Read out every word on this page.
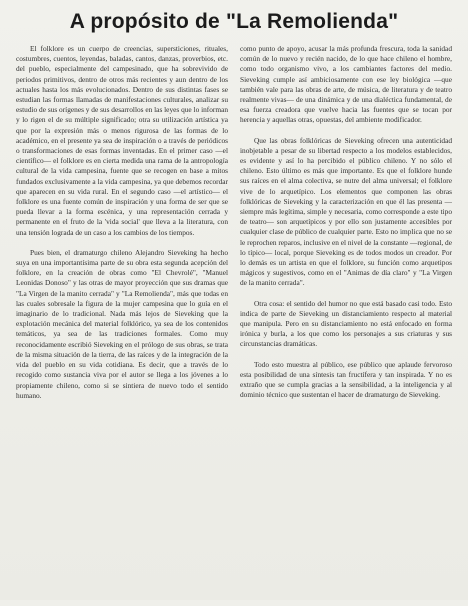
A propósito de "La Remolienda"

El folklore es un cuerpo de creencias, supersticiones, rituales, costumbres, cuentos, leyendas, baladas, cantos, danzas, proverbios, etc. del pueblo, especialmente del campesinado, que ha sobrevivido de periodos primitivos, dentro de otros más recientes y aun dentro de los actuales hasta los más evolucionados. Dentro de sus distintas fases se estudian las formas llamadas de manifestaciones culturales, analizar su estudio de sus orígenes y de sus desarrollos en las leyes que lo informan y lo rigen el de su múltiple significado; otra su utilización artística ya que por la expresión más o menos rigurosa de las formas de lo académico, en el presente ya sea de inspiración o a través de periódicos o transformaciones de esas formas inventadas. En el primer caso —el científico— el folklore es en cierta medida una rama de la antropología cultural de la vida campesina, fuente que se recogen en base a mitos fundados exclusivamente a la vida campesina, ya que debemos recordar que aparecen en su vida rural. En el segundo caso —el artístico— el folklore es una fuente común de inspiración y una forma de ser que se pueda llevar a la forma escénica, y una representación cerrada y permanente en el fruto de la 'vida social' que lleva a la literatura, con una tensión lograda de un caso a los cambios de los tiempos.

Pues bien, el dramaturgo chileno Alejandro Sieveking ha hecho suya en una importantísima parte de su obra esta segunda acepción del folklore, en la creación de obras como "El Chevrolé", "Manuel Leonidas Donoso" y las otras de mayor proyección que sus dramas que "La Virgen de la manito cerrada" y "La Remolienda", más que todas en las cuales sobresale la figura de la mujer campesina que lo guía en el imaginario de lo tradicional. Nada más lejos de Sieveking que la explotación mecánica del material folklórico, ya sea de los contenidos temáticos, ya sea de las tradiciones formales. Como muy reconocidamente escribió Sieveking en el prólogo de sus obras, se trata de la misma situación de la tierra, de las raíces y de la integración de la vida del pueblo en su vida cotidiana. Es decir, que a través de lo recogido como sustancia viva por el autor se llega a los jóvenes a lo propiamente chileno, como si se sintiera de nuevo todo el sentido humano.

como punto de apoyo, acusar la más profunda frescura, toda la sanidad común de lo nuevo y recién nacido, de lo que hace chileno el hombre, como todo organismo vivo, a los cambiantes factores del medio. Sieveking cumple así ambiciosamente con ese ley biológica —que también vale para las obras de arte, de música, de literatura y de teatro realmente vivas— de una dinámica y de una dialéctica fundamental, de esa fuerza creadora que vuelve hacia las fuentes que se tocan por herencia y aquellas otras, opuestas, del ambiente modificador.

Que las obras folklóricas de Sieveking ofrecen una autenticidad inobjetable a pesar de su libertad respecto a los modelos establecidos, es evidente y así lo ha percibido el público chileno. Y no sólo el chileno. Esto último es más que importante. Es que el folklore hunde sus raíces en el alma colectiva, se nutre del alma universal; el folklore vive de lo arquetípico. Los elementos que componen las obras folklóricas de Sieveking y la caracterización en que él las presenta —siempre más legítima, simple y necesaria, como corresponde a este tipo de teatro— son arquetípicos y por ello son justamente accesibles por cualquier clase de público de cualquier parte. Esto no implica que no se le reprochen reparos, inclusive en el nivel de la constante —regional, de lo típico— local, porque Sieveking es de todos modos un creador. Por lo demás es un artista en que el folklore, su función como arquetipos mágicos y sugestivos, como en el "Animas de día claro" y "La Virgen de la manito cerrada".

Otra cosa: el sentido del humor no que está basado casi todo. Esto indica de parte de Sieveking un distanciamiento respecto al material que manipula. Pero en su distanciamiento no está enfocado en forma irónica y burla, a los que como los personajes a sus criaturas y sus circunstancias dramáticas.

Todo esto muestra al público, ese público que aplaude fervoroso esta posibilidad de una síntesis tan fructífera y tan inspirada. Y no es extraño que se cumpla gracias a la sensibilidad, a la inteligencia y al dominio técnico que sustentan el hacer de dramaturgo de Sieveking.
